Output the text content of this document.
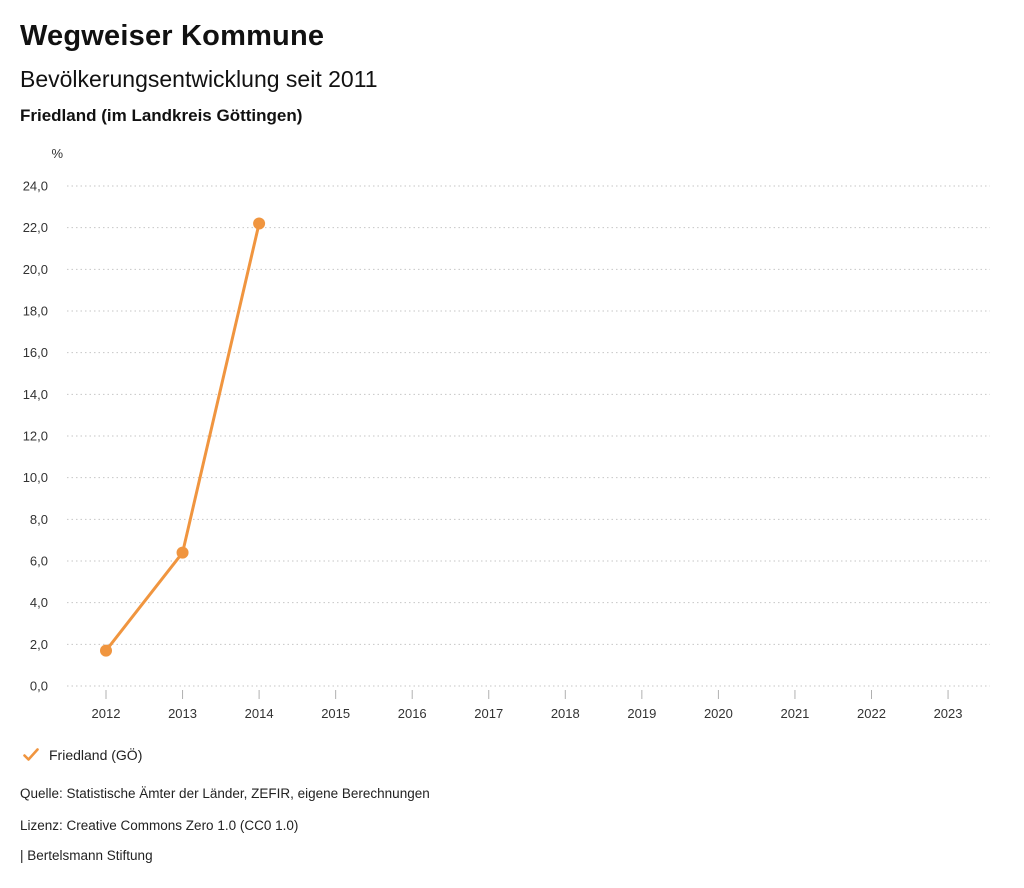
Wegweiser Kommune
Bevölkerungsentwicklung seit 2011
Friedland (im Landkreis Göttingen)
0,0
2,0
4,0
6,0
8,0
10,0
12,0
14,0
16,0
18,0
20,0
22,0
24,0
%
2012	2013	2014	2015	2016	2017	2018	2019	2020	2021	2022	2023
Friedland (GÖ)
Quelle: Statistische Ämter der Länder, ZEFIR, eigene Berechnungen
Lizenz: Creative Commons Zero 1.0 (CC0 1.0)
| Bertelsmann Stiftung
